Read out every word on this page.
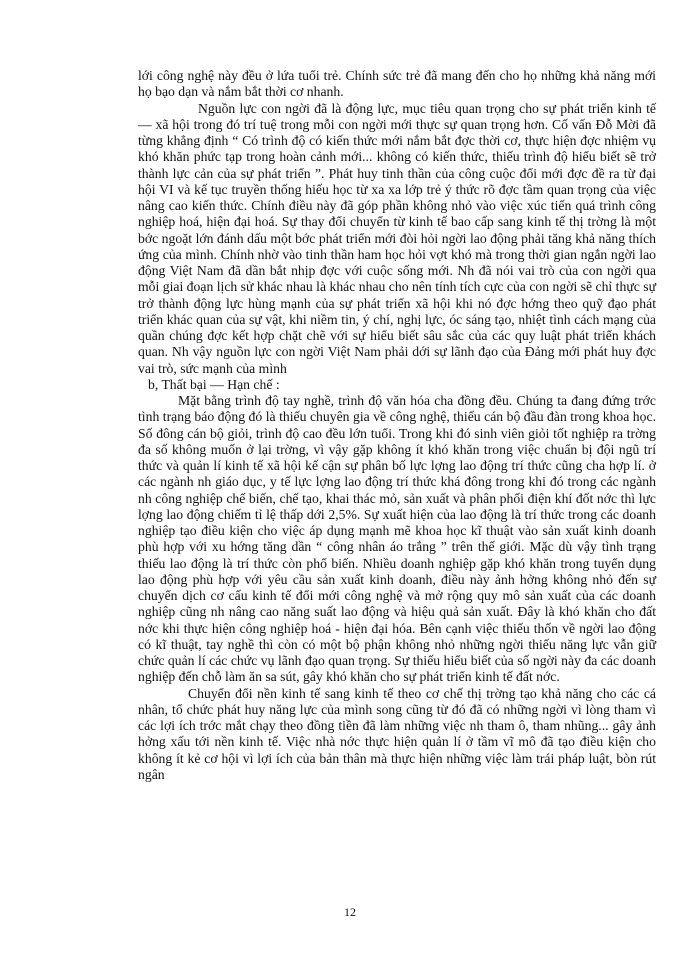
lới công nghệ này đều ở lứa tuổi trẻ. Chính sức trẻ đã mang đến cho họ những khả năng mới họ bạo dạn và nắm bắt thời cơ nhanh.

Nguồn lực con ngời đã là động lực, mục tiêu quan trọng cho sự phát triển kinh tế — xã hội trong đó trí tuệ trong mỗi con ngời mới thực sự quan trọng hơn. Cố vấn Đỗ Mời đã từng khẳng định “ Có trình độ có kiến thức mới nắm bắt đợc thời cơ, thực hiện đợc nhiệm vụ khó khăn phức tạp trong hoàn cảnh mới... không có kiến thức, thiếu trình độ hiểu biết sẽ trở thành lực cản của sự phát triển ”. Phát huy tinh thần của công cuộc đổi mới đợc đề ra từ đại hội VI và kế tục truyền thống hiếu học từ xa xa lớp trẻ ý thức rõ đợc tầm quan trọng của việc nâng cao kiến thức. Chính điều này đã góp phần không nhỏ vào việc xúc tiến quá trình công nghiệp hoá, hiện đại hoá. Sự thay đổi chuyển từ kinh tế bao cấp sang kinh tế thị trờng là một bớc ngoặt lớn đánh dấu một bớc phát triển mới đòi hỏi ngời lao động phải tăng khả năng thích ứng của mình. Chính nhờ vào tinh thần ham học hỏi vợt khó mà trong thời gian ngắn ngời lao động Việt Nam đã dần bắt nhịp đợc với cuộc sống mới. Nh đã nói vai trò của con ngời qua mỗi giai đoạn lịch sử khác nhau là khác nhau cho nên tính tích cực của con ngời sẽ chỉ thực sự trở thành động lực hùng mạnh của sự phát triển xã hội khi nó đợc hớng theo quỹ đạo phát triển khác quan của sự vật, khi niềm tin, ý chí, nghị lực, óc sáng tạo, nhiệt tình cách mạng của quần chúng đợc kết hợp chặt chẽ với sự hiểu biết sâu sắc của các quy luật phát triển khách quan. Nh vậy nguồn lực con ngời Việt Nam phải dới sự lãnh đạo của Đảng mới phát huy đợc vai trò, sức mạnh của mình

b, Thất bại — Hạn chế :

Mặt bằng trình độ tay nghề, trình độ văn hóa cha đồng đều. Chúng ta đang đứng trớc tình trạng báo động đó là thiếu chuyên gia về công nghệ, thiếu cán bộ đầu đàn trong khoa học. Số đông cán bộ giỏi, trình độ cao đều lớn tuổi. Trong khi đó sinh viên giỏi tốt nghiệp ra trờng đa số không muốn ở lại trờng, vì vậy gặp không ít khó khăn trong việc chuẩn bị đội ngũ trí thức và quản lí kinh tế xã hội kế cận sự phân bố lực lợng lao động trí thức cũng cha hợp lí. ở các ngành nh giáo dục, y tế lực lợng lao động trí thức khá đông trong khi đó trong các ngành nh công nghiệp chế biến, chế tạo, khai thác mỏ, sản xuất và phân phối điện khí đốt nớc thì lực lợng lao động chiếm tỉ lệ thấp dới 2,5%. Sự xuất hiện của lao động là trí thức trong các doanh nghiệp tạo điều kiện cho việc áp dụng mạnh mẽ khoa học kĩ thuật vào sản xuất kinh doanh phù hợp với xu hớng tăng dần “ công nhân áo trắng ” trên thế giới. Mặc dù vậy tình trạng thiếu lao động là trí thức còn phổ biến. Nhiều doanh nghiệp gặp khó khăn trong tuyển dụng lao động phù hợp với yêu cầu sản xuất kinh doanh, điều này ảnh hởng không nhỏ đến sự chuyển dịch cơ cấu kinh tế đổi mới công nghệ và mở rộng quy mô sản xuất của các doanh nghiệp cũng nh nâng cao năng suất lao động và hiệu quả sản xuất. Đây là khó khăn cho đất nớc khi thực hiện công nghiệp hoá - hiện đại hóa. Bên cạnh việc thiếu thốn về ngời lao động có kĩ thuật, tay nghề thì còn có một bộ phận không nhỏ những ngời thiếu năng lực vẫn giữ chức quản lí các chức vụ lãnh đạo quan trọng. Sự thiếu hiểu biết của số ngời này đa các doanh nghiệp đến chỗ làm ăn sa sút, gây khó khăn cho sự phát triển kinh tế đất nớc.

Chuyển đổi nền kinh tế sang kinh tế theo cơ chế thị trờng tạo khả năng cho các cá nhân, tổ chức phát huy năng lực của mình song cũng từ đó đã có những ngời vì lòng tham vì các lợi ích trớc mắt chạy theo đồng tiền đã làm những việc nh tham ô, tham nhũng... gây ảnh hởng xấu tới nền kinh tế. Việc nhà nớc thực hiện quản lí ở tầm vĩ mô đã tạo điều kiện cho không ít kẻ cơ hội vì lợi ích của bản thân mà thực hiện những việc làm trái pháp luật, bòn rút ngân

12
